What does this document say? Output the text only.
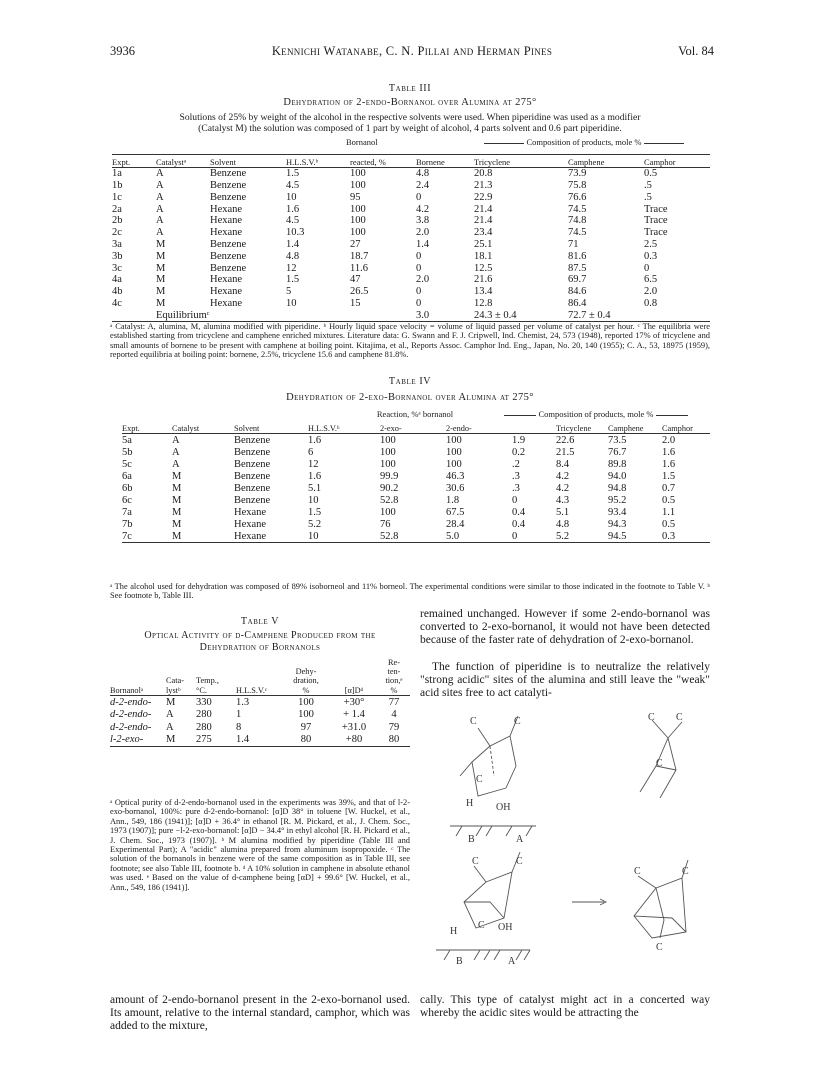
3936	Kennichi Watanabe, C. N. Pillai and Herman Pines	Vol. 84
Table III
Dehydration of 2-endo-Bornanol over Alumina at 275°
Solutions of 25% by weight of the alcohol in the respective solvents were used. When piperidine was used as a modifier
(Catalyst M) the solution was composed of 1 part by weight of alcohol, 4 parts solvent and 0.6 part piperidine.
Bornanol	Composition of products, mole %
Expt.	Catalystᵃ	Solvent	H.L.S.V.ᵇ	reacted, %	Bornene	Tricyclene	Camphene	Camphor
1a	A	Benzene	1.5	100	4.8	20.8	73.9	0.5
1b	A	Benzene	4.5	100	2.4	21.3	75.8	.5
1c	A	Benzene	10	95	0	22.9	76.6	.5
2a	A	Hexane	1.6	100	4.2	21.4	74.5	Trace
2b	A	Hexane	4.5	100	3.8	21.4	74.8	Trace
2c	A	Hexane	10.3	100	2.0	23.4	74.5	Trace
3a	M	Benzene	1.4	27	1.4	25.1	71	2.5
3b	M	Benzene	4.8	18.7	0	18.1	81.6	0.3
3c	M	Benzene	12	11.6	0	12.5	87.5	0
4a	M	Hexane	1.5	47	2.0	21.6	69.7	6.5
4b	M	Hexane	5	26.5	0	13.4	84.6	2.0
4c	M	Hexane	10	15	0	12.8	86.4	0.8
Equilibriumᶜ					3.0	24.3 ± 0.4	72.7 ± 0.4	
ᵃ Catalyst: A, alumina, M, alumina modified with piperidine. ᵇ Hourly liquid space velocity = volume of liquid passed per volume of catalyst per hour. ᶜ The equilibria were established starting from tricyclene and camphene enriched mixtures. Literature data: G. Swann and F. J. Cripwell, Ind. Chemist, 24, 573 (1948), reported 17% of tricyclene and small amounts of bornene to be present with camphene at boiling point. Kitajima, et al., Reports Assoc. Camphor Ind. Eng., Japan, No. 20, 140 (1955); C. A., 53, 18975 (1959), reported equilibria at boiling point: bornene, 2.5%, tricyclene 15.6 and camphene 81.8%.
Table IV
Dehydration of 2-exo-Bornanol over Alumina at 275°
Reaction, %ᵃ bornanol	Composition of products, mole %
Expt.	Catalyst	Solvent	H.L.S.V.ᵇ	2-exo-	2-endo-		Tricyclene	Camphene	Camphor
5a	A	Benzene	1.6	100	100	1.9	22.6	73.5	2.0
5b	A	Benzene	6	100	100	0.2	21.5	76.7	1.6
5c	A	Benzene	12	100	100	.2	8.4	89.8	1.6
6a	M	Benzene	1.6	99.9	46.3	.3	4.2	94.0	1.5
6b	M	Benzene	5.1	90.2	30.6	.3	4.2	94.8	0.7
6c	M	Benzene	10	52.8	1.8	0	4.3	95.2	0.5
7a	M	Hexane	1.5	100	67.5	0.4	5.1	93.4	1.1
7b	M	Hexane	5.2	76	28.4	0.4	4.8	94.3	0.5
7c	M	Hexane	10	52.8	5.0	0	5.2	94.5	0.3
ᵃ The alcohol used for dehydration was composed of 89% isoborneol and 11% borneol. The experimental conditions were similar to those indicated in the footnote to Table V. ᵇ See footnote b, Table III.
Table V
Optical Activity of d-Camphene Produced from the
Dehydration of Bornanols
Bornanolᵃ	Cata-
lystᵇ	Temp.,
°C.	H.L.S.V.ᶜ	Dehy-
dration,
%	[α]Dᵈ	Re-
ten-
tion,ᵉ
%
d-2-endo-	M	330	1.3	100	+30°	77
d-2-endo-	A	280	1	100	+ 1.4	4
d-2-endo-	A	280	8	97	+31.0	79
l-2-exo-	M	275	1.4	80	+80	80
ᵃ Optical purity of d-2-endo-bornanol used in the experiments was 39%, and that of l-2-exo-bornanol, 100%: pure d-2-endo-bornanol: [α]D 38° in toluene [W. Huckel, et al., Ann., 549, 186 (1941)]; [α]D + 36.4° in ethanol [R. M. Pickard, et al., J. Chem. Soc., 1973 (1907)]; pure −l-2-exo-bornanol: [α]D − 34.4° in ethyl alcohol [R. H. Pickard et al., J. Chem. Soc., 1973 (1907)]. ᵇ M alumina modified by piperidine (Table III and Experimental Part); A "acidic" alumina prepared from aluminum isopropoxide. ᶜ The solution of the bornanols in benzene were of the same composition as in Table III, see footnote; see also Table III, footnote b. ᵈ A 10% solution in camphene in absolute ethanol was used. ᵉ Based on the value of d-camphene being [αD] + 99.6° [W. Huckel, et al., Ann., 549, 186 (1941)].
amount of 2-endo-bornanol present in the 2-exo-bornanol used. Its amount, relative to the internal standard, camphor, which was added to the mixture,
remained unchanged. However if some 2-endo-bornanol was converted to 2-exo-bornanol, it would not have been detected because of the faster rate of dehydration of 2-exo-bornanol.
The function of piperidine is to neutralize the relatively "strong acidic" sites of the alumina and still leave the "weak" acid sites free to act catalyti-
C	C
C
H OH
B	A
C C
C
C	C
C
H	OH
B	A
C	C
C
cally. This type of catalyst might act in a concerted way whereby the acidic sites would be attracting the
